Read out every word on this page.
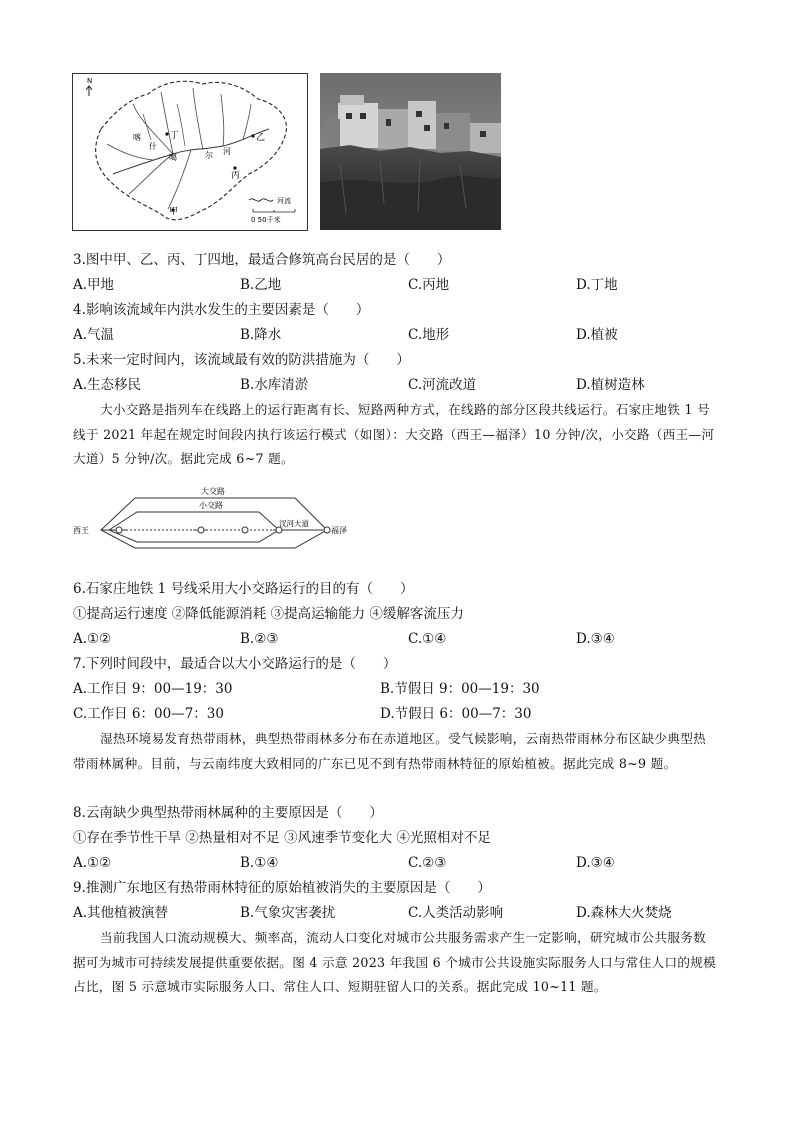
N
丁	乙
丙
甲
喀
什
噶	尔 河
河流
0 50千米
3.图中甲、乙、丙、丁四地，最适合修筑高台民居的是（　　）
A.甲地	B.乙地	C.丙地	D.丁地
4.影响该流域年内洪水发生的主要因素是（　　）
A.气温	B.降水	C.地形	D.植被
5.未来一定时间内，该流域最有效的防洪措施为（　　）
A.生态移民	B.水库清淤	C.河流改道	D.植树造林
大小交路是指列车在线路上的运行距离有长、短路两种方式，在线路的部分区段共线运行。石家庄地铁 1 号线于 2021 年起在规定时间段内执行该运行模式（如图）：大交路（西王—福泽）10 分钟/次，小交路（西王—河大道）5 分钟/次。据此完成 6~7 题。
大交路
小交路
西王
汊河大道
福泽
6.石家庄地铁 1 号线采用大小交路运行的目的有（　　）
①提高运行速度 ②降低能源消耗 ③提高运输能力 ④缓解客流压力
A.①②	B.②③	C.①④	D.③④
7.下列时间段中，最适合以大小交路运行的是（　　）
A.工作日 9：00—19：30	B.节假日 9：00—19：30
C.工作日 6：00—7：30	D.节假日 6：00—7：30
湿热环境易发育热带雨林，典型热带雨林多分布在赤道地区。受气候影响，云南热带雨林分布区缺少典型热带雨林属种。目前，与云南纬度大致相同的广东已见不到有热带雨林特征的原始植被。据此完成 8~9 题。
8.云南缺少典型热带雨林属种的主要原因是（　　）
①存在季节性干旱 ②热量相对不足 ③风速季节变化大 ④光照相对不足
A.①②	B.①④	C.②③	D.③④
9.推测广东地区有热带雨林特征的原始植被消失的主要原因是（　　）
A.其他植被演替	B.气象灾害袭扰	C.人类活动影响	D.森林大火焚烧
当前我国人口流动规模大、频率高，流动人口变化对城市公共服务需求产生一定影响，研究城市公共服务数据可为城市可持续发展提供重要依据。图 4 示意 2023 年我国 6 个城市公共设施实际服务人口与常住人口的规模占比，图 5 示意城市实际服务人口、常住人口、短期驻留人口的关系。据此完成 10~11 题。
